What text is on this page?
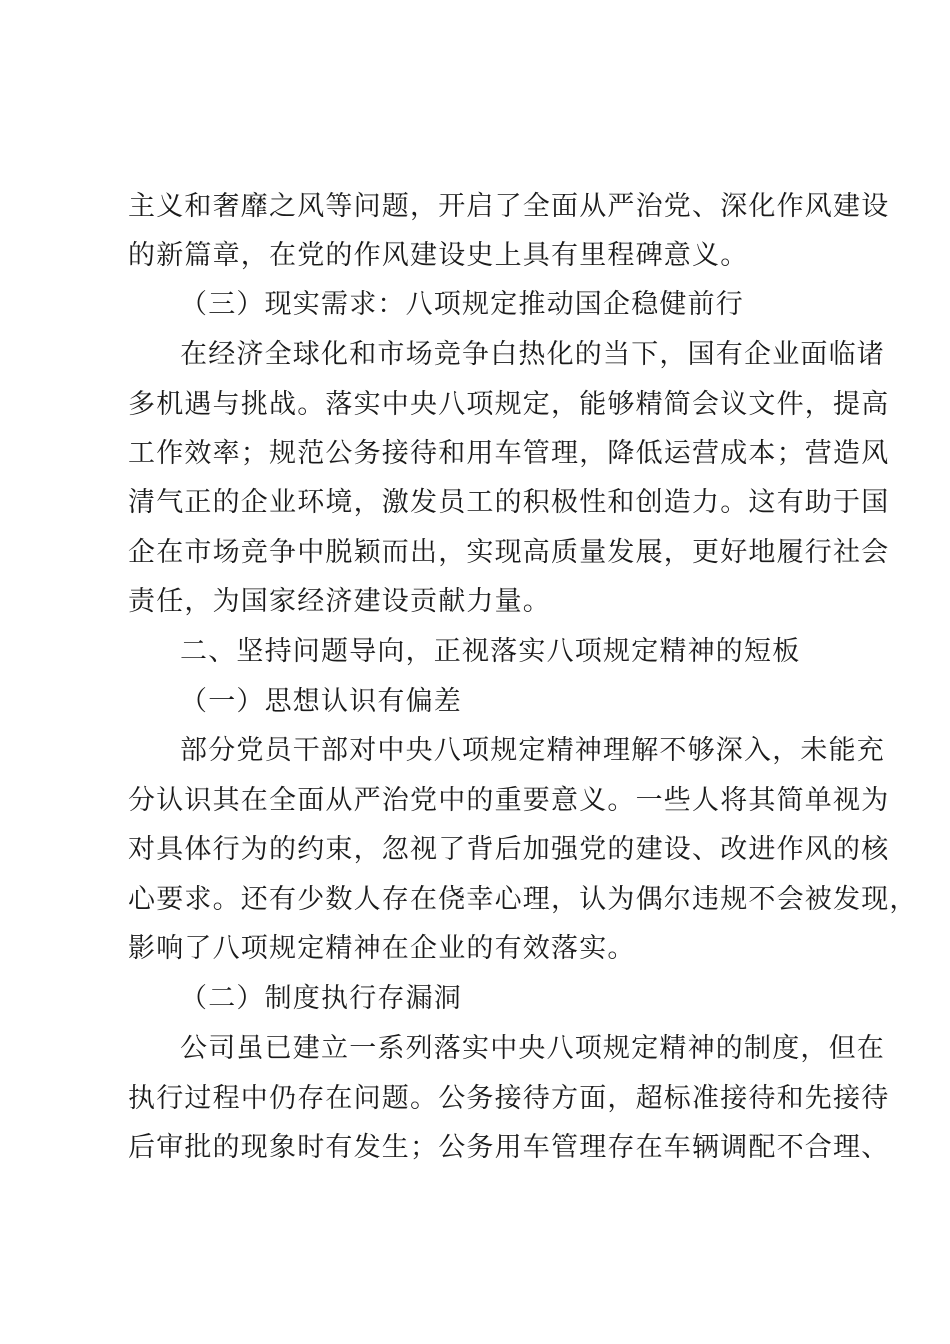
主义和奢靡之风等问题，开启了全面从严治党、深化作风建设
的新篇章，在党的作风建设史上具有里程碑意义。
（三）现实需求：八项规定推动国企稳健前行
在经济全球化和市场竞争白热化的当下，国有企业面临诸
多机遇与挑战。落实中央八项规定，能够精简会议文件，提高
工作效率；规范公务接待和用车管理，降低运营成本；营造风
清气正的企业环境，激发员工的积极性和创造力。这有助于国
企在市场竞争中脱颖而出，实现高质量发展，更好地履行社会
责任，为国家经济建设贡献力量。
二、坚持问题导向，正视落实八项规定精神的短板
（一）思想认识有偏差
部分党员干部对中央八项规定精神理解不够深入，未能充
分认识其在全面从严治党中的重要意义。一些人将其简单视为
对具体行为的约束，忽视了背后加强党的建设、改进作风的核
心要求。还有少数人存在侥幸心理，认为偶尔违规不会被发现，
影响了八项规定精神在企业的有效落实。
（二）制度执行存漏洞
公司虽已建立一系列落实中央八项规定精神的制度，但在
执行过程中仍存在问题。公务接待方面，超标准接待和先接待
后审批的现象时有发生；公务用车管理存在车辆调配不合理、
